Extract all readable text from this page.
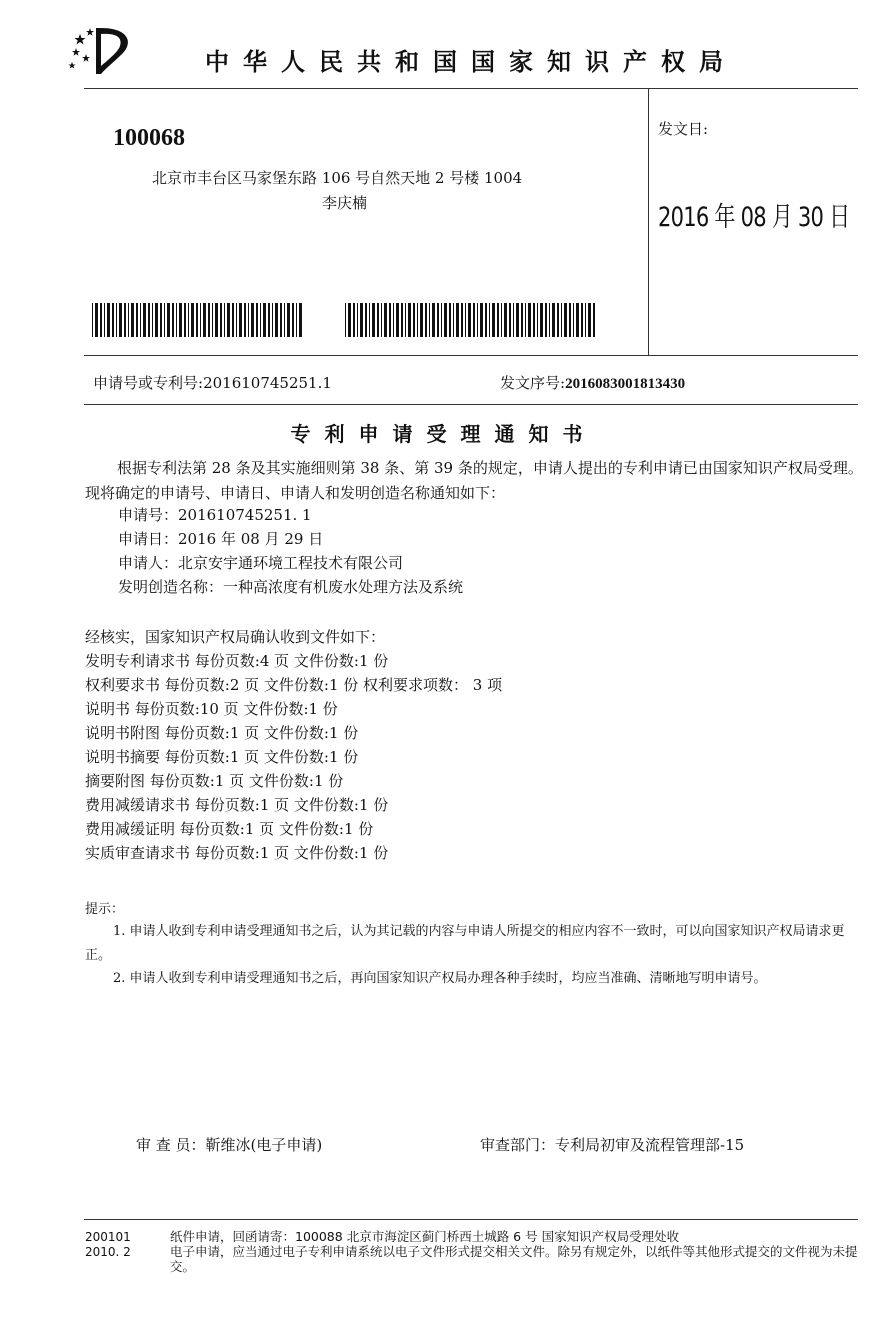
中华人民共和国国家知识产权局
100068
北京市丰台区马家堡东路 106 号自然天地 2 号楼 1004
李庆楠
发文日:
2016 年 08 月 30 日
申请号或专利号:201610745251.1	发文序号:2016083001813430
专利申请受理通知书
根据专利法第 28 条及其实施细则第 38 条、第 39 条的规定，申请人提出的专利申请已由国家知识产权局受理。现将确定的申请号、申请日、申请人和发明创造名称通知如下：
申请号：201610745251. 1
申请日：2016 年 08 月 29 日
申请人：北京安宇通环境工程技术有限公司
发明创造名称：一种高浓度有机废水处理方法及系统
经核实，国家知识产权局确认收到文件如下：
发明专利请求书 每份页数:4 页 文件份数:1 份
权利要求书 每份页数:2 页 文件份数:1 份 权利要求项数： 3 项
说明书 每份页数:10 页 文件份数:1 份
说明书附图 每份页数:1 页 文件份数:1 份
说明书摘要 每份页数:1 页 文件份数:1 份
摘要附图 每份页数:1 页 文件份数:1 份
费用减缓请求书 每份页数:1 页 文件份数:1 份
费用减缓证明 每份页数:1 页 文件份数:1 份
实质审查请求书 每份页数:1 页 文件份数:1 份
提示：
1. 申请人收到专利申请受理通知书之后，认为其记载的内容与申请人所提交的相应内容不一致时，可以向国家知识产权局请求更正。
2. 申请人收到专利申请受理通知书之后，再向国家知识产权局办理各种手续时，均应当准确、清晰地写明申请号。
审 查 员：靳维冰(电子申请)	审查部门：专利局初审及流程管理部-15
200101
2010. 2
纸件申请，回函请寄：100088 北京市海淀区蓟门桥西土城路 6 号 国家知识产权局受理处收
电子申请，应当通过电子专利申请系统以电子文件形式提交相关文件。除另有规定外，以纸件等其他形式提交的文件视为未提交。
